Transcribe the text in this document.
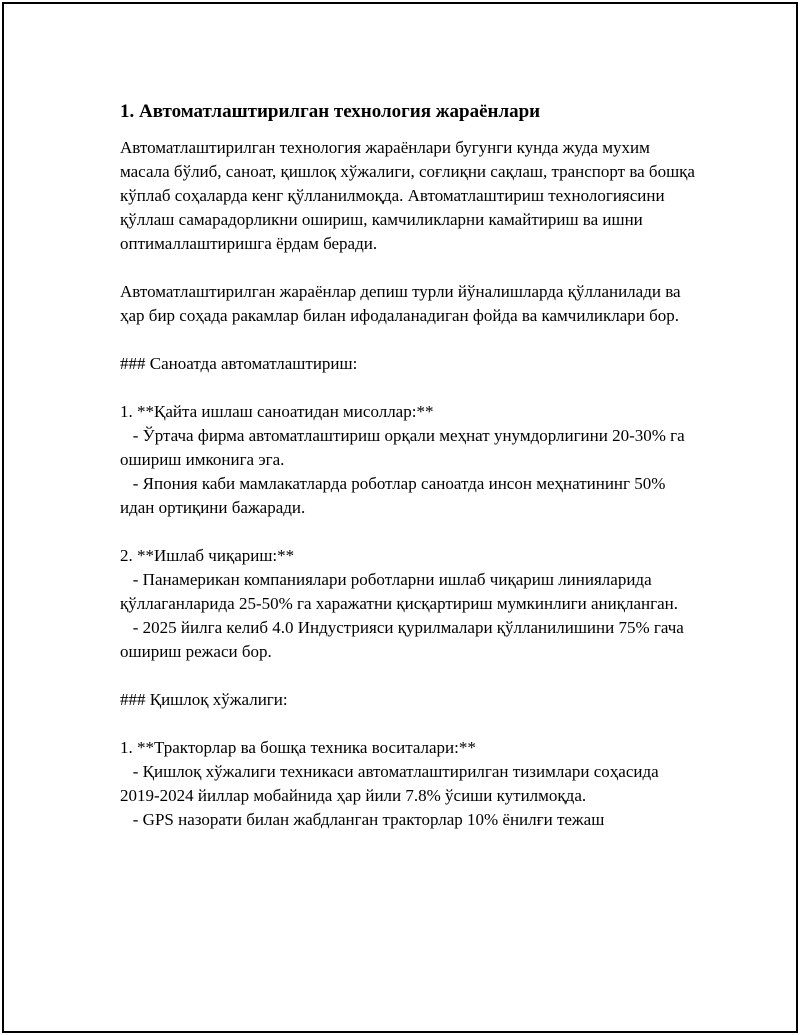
1. Автоматлаштирилган технология жараёнлари

Автоматлаштирилган технология жараёнлари бугунги кунда жуда мухим масала бўлиб, саноат, қишлоқ хўжалиги, соғлиқни сақлаш, транспорт ва бошқа кўплаб соҳаларда кенг қўлланилмоқда. Автоматлаштириш технологиясини қўллаш самарадорликни ошириш, камчиликларни камайтириш ва ишни оптималлаштиришга ёрдам беради.

Автоматлаштирилган жараёнлар депиш турли йўналишларда қўлланилади ва ҳар бир соҳада ракамлар билан ифодаланадиган фойда ва камчиликлари бор.

### Саноатда автоматлаштириш:

1. **Қайта ишлаш саноатидан мисоллар:**

- Ўртача фирма автоматлаштириш орқали меҳнат унумдорлигини 20-30% га ошириш имконига эга.

- Япония каби мамлакатларда роботлар саноатда инсон меҳнатининг 50% идан ортиқини бажаради.

2. **Ишлаб чиқариш:**

- Панамерикан компаниялари роботларни ишлаб чиқариш линияларида қўллаганларида 25-50% га харажатни қисқартириш мумкинлиги аниқланган.

- 2025 йилга келиб 4.0 Индустрияси қурилмалари қўлланилишини 75% гача ошириш режаси бор.

### Қишлоқ хўжалиги:

1. **Тракторлар ва бошқа техника воситалари:**

- Қишлоқ хўжалиги техникаси автоматлаштирилган тизимлари соҳасида 2019-2024 йиллар мобайнида ҳар йили 7.8% ўсиши кутилмоқда.

- GPS назорати билан жабдланган тракторлар 10% ёнилғи тежаш
